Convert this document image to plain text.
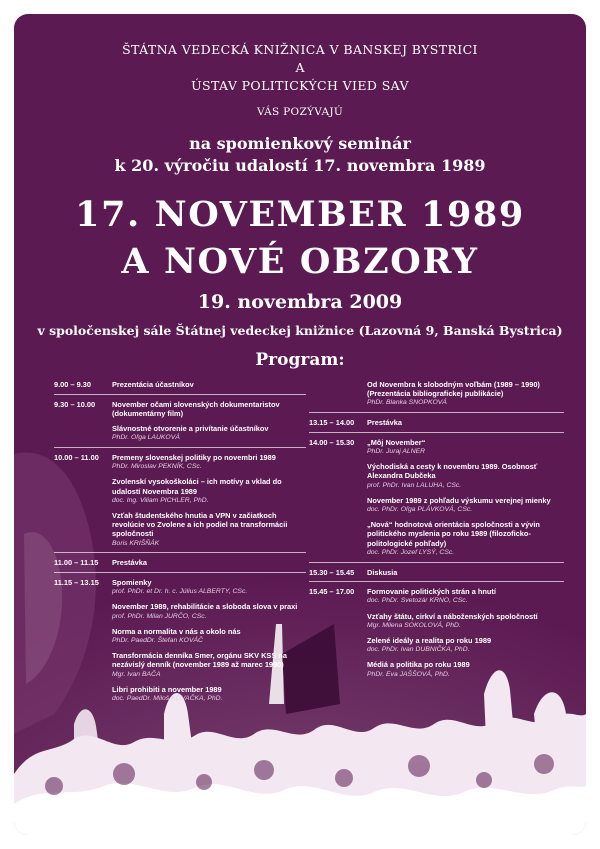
ŠTÁTNA VEDECKÁ KNIŽNICA V BANSKEJ BYSTRICI
A
ÚSTAV POLITICKÝCH VIED SAV
VÁS POZÝVAJÚ
na spomienkový seminár
k 20. výročiu udalostí 17. novembra 1989
17. NOVEMBER 1989
A NOVÉ OBZORY
19. novembra 2009
v spoločenskej sále Štátnej vedeckej knižnice (Lazovná 9, Banská Bystrica)
Program:
9.00 – 9.30	Prezentácia účastníkov
9.30 – 10.00	November očami slovenských dokumentaristov (dokumentárny film)
Slávnostné otvorenie a privítanie účastníkov
PhDr. Oľga LAUKOVÁ
10.00 – 11.00	Premeny slovenskej politiky po novembri 1989
PhDr. Miroslav PEKNÍK, CSc.
Zvolenskí vysokoškoláci – ich motívy a vklad do udalostí Novembra 1989
doc. Ing. Viliam PICHLER, PhD.
Vzťah študentského hnutia a VPN v začiatkoch revolúcie vo Zvolene a ich podiel na transformácii spoločnosti
Boris KRIŠŇÁK
11.00 – 11.15	Prestávka
11.15 – 13.15	Spomienky
prof. PhDr. et Dr. h. c. Július ALBERTY, CSc.
November 1989, rehabilitácie a sloboda slova v praxi
prof. PhDr. Milan JURČO, CSc.
Norma a normalita v nás a okolo nás
PhDr. PaedDr. Štefan KOVÁČ
Transformácia denníka Smer, orgánu SKV KSS na nezávislý denník (november 1989 až marec 1990)
Mgr. Ivan BAČA
Libri prohibiti a november 1989
doc. PaedDr. Miloš KOVAČKA, PhD.
Od Novembra k slobodným voľbám (1989 – 1990) (Prezentácia bibliografickej publikácie)
PhDr. Blanka SNOPKOVÁ
13.15 – 14.00	Prestávka
14.00 – 15.30	„Môj November“
PhDr. Juraj ALNER
Východiská a cesty k novembru 1989. Osobnosť Alexandra Dubčeka
prof. PhDr. Ivan LALUHA, CSc.
November 1989 z pohľadu výskumu verejnej mienky
doc. PhDr. Oľga PLÁVKOVÁ, CSc.
„Nová“ hodnotová orientácia spoločnosti a vývin politického myslenia po roku 1989 (filozoficko-politologické pohľady)
doc. PhDr. Jozef LYSÝ, CSc.
15.30 – 15.45	Diskusia
15.45 – 17.00	Formovanie politických strán a hnutí
doc. PhDr. Svetozár KRNO, CSc.
Vzťahy štátu, cirkví a náboženských spoločností
Mgr. Milena SOKOLOVÁ, PhD.
Zelené ideály a realita po roku 1989
doc. PhDr. Ivan DUBNIČKA, PhD.
Médiá a politika po roku 1989
PhDr. Eva JAŠŠOVÁ, PhD.
